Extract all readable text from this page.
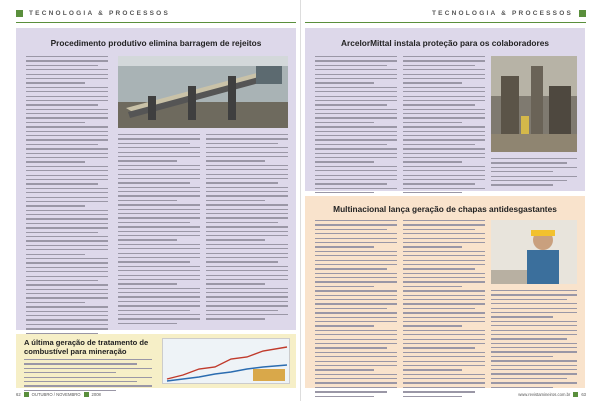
TECNOLOGIA & PROCESSOS
Procedimento produtivo elimina barragem de rejeitos
A última geração de tratamento de
combustível para mineração
62	OUTUBRO / NOVEMBRO	2008
TECNOLOGIA & PROCESSOS
ArcelorMittal instala proteção para os colaboradores
Multinacional lança geração de chapas antidesgastantes
www.revistamineiros.com.br	63
